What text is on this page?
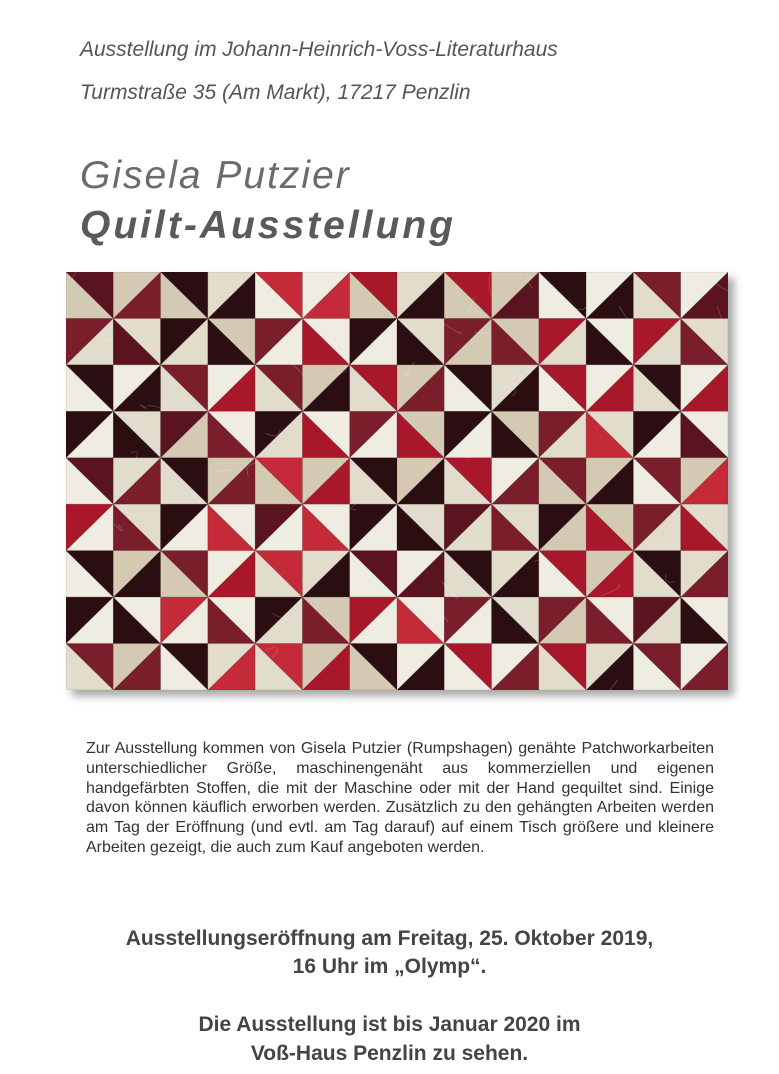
Ausstellung im Johann-Heinrich-Voss-Literaturhaus

Turmstraße 35 (Am Markt), 17217 Penzlin

Gisela Putzier
Quilt-Ausstellung

Zur Ausstellung kommen von Gisela Putzier (Rumpshagen) genähte Patchworkarbeiten unterschiedlicher Größe, maschinengenäht aus kommerziellen und eigenen handgefärbten Stoffen, die mit der Maschine oder mit der Hand gequiltet sind. Einige davon können käuflich erworben werden. Zusätzlich zu den gehängten Arbeiten werden am Tag der Eröffnung (und evtl. am Tag darauf) auf einem Tisch größere und kleinere Arbeiten gezeigt, die auch zum Kauf angeboten werden.

Ausstellungseröffnung am Freitag, 25. Oktober 2019,
16 Uhr im „Olymp“.

Die Ausstellung ist bis Januar 2020 im
Voß-Haus Penzlin zu sehen.
